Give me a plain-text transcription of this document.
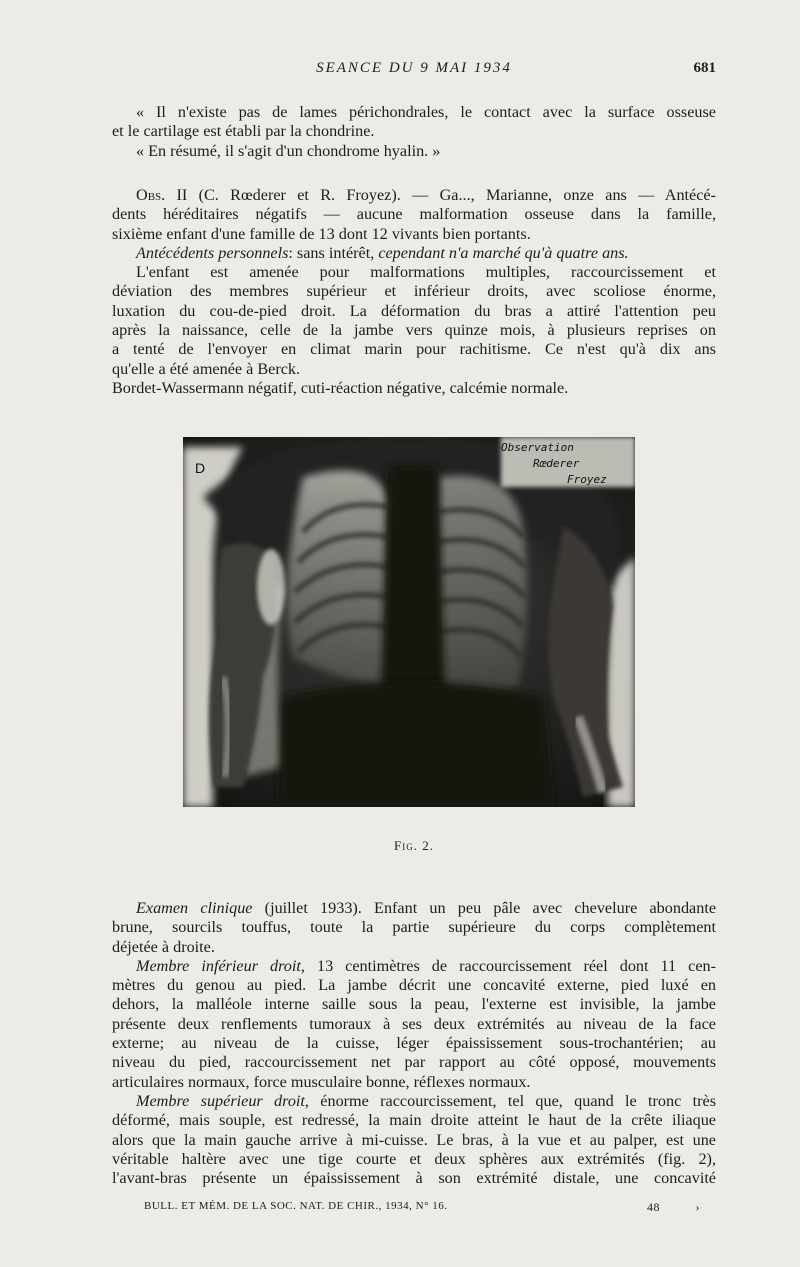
SEANCE DU 9 MAI 1934	681
« Il n'existe pas de lames périchondrales, le contact avec la surface osseuse
et le cartilage est établi par la chondrine.
« En résumé, il s'agit d'un chondrome hyalin. »
Obs. II (C. Rœderer et R. Froyez). — Ga..., Marianne, onze ans — Antécé-
dents héréditaires négatifs — aucune malformation osseuse dans la famille,
sixième enfant d'une famille de 13 dont 12 vivants bien portants.
Antécédents personnels: sans intérêt, cependant n'a marché qu'à quatre ans.
L'enfant est amenée pour malformations multiples, raccourcissement et
déviation des membres supérieur et inférieur droits, avec scoliose énorme,
luxation du cou-de-pied droit. La déformation du bras a attiré l'attention peu
après la naissance, celle de la jambe vers quinze mois, à plusieurs reprises on
a tenté de l'envoyer en climat marin pour rachitisme. Ce n'est qu'à dix ans
qu'elle a été amenée à Berck.
Bordet-Wassermann négatif, cuti-réaction négative, calcémie normale.
D
Observation
Rœderer
Froyez
Fig. 2.
Examen clinique (juillet 1933). Enfant un peu pâle avec chevelure abondante
brune, sourcils touffus, toute la partie supérieure du corps complètement
déjetée à droite.
Membre inférieur droit, 13 centimètres de raccourcissement réel dont 11 cen-
mètres du genou au pied. La jambe décrit une concavité externe, pied luxé en
dehors, la malléole interne saille sous la peau, l'externe est invisible, la jambe
présente deux renflements tumoraux à ses deux extrémités au niveau de la face
externe; au niveau de la cuisse, léger épaississement sous-trochantérien; au
niveau du pied, raccourcissement net par rapport au côté opposé, mouvements
articulaires normaux, force musculaire bonne, réflexes normaux.
Membre supérieur droit, énorme raccourcissement, tel que, quand le tronc très
déformé, mais souple, est redressé, la main droite atteint le haut de la crête iliaque
alors que la main gauche arrive à mi-cuisse. Le bras, à la vue et au palper, est une
véritable haltère avec une tige courte et deux sphères aux extrémités (fig. 2),
l'avant-bras présente un épaississement à son extrémité distale, une concavité
BULL. ET MÉM. DE LA SOC. NAT. DE CHIR., 1934, N° 16.	48	›
